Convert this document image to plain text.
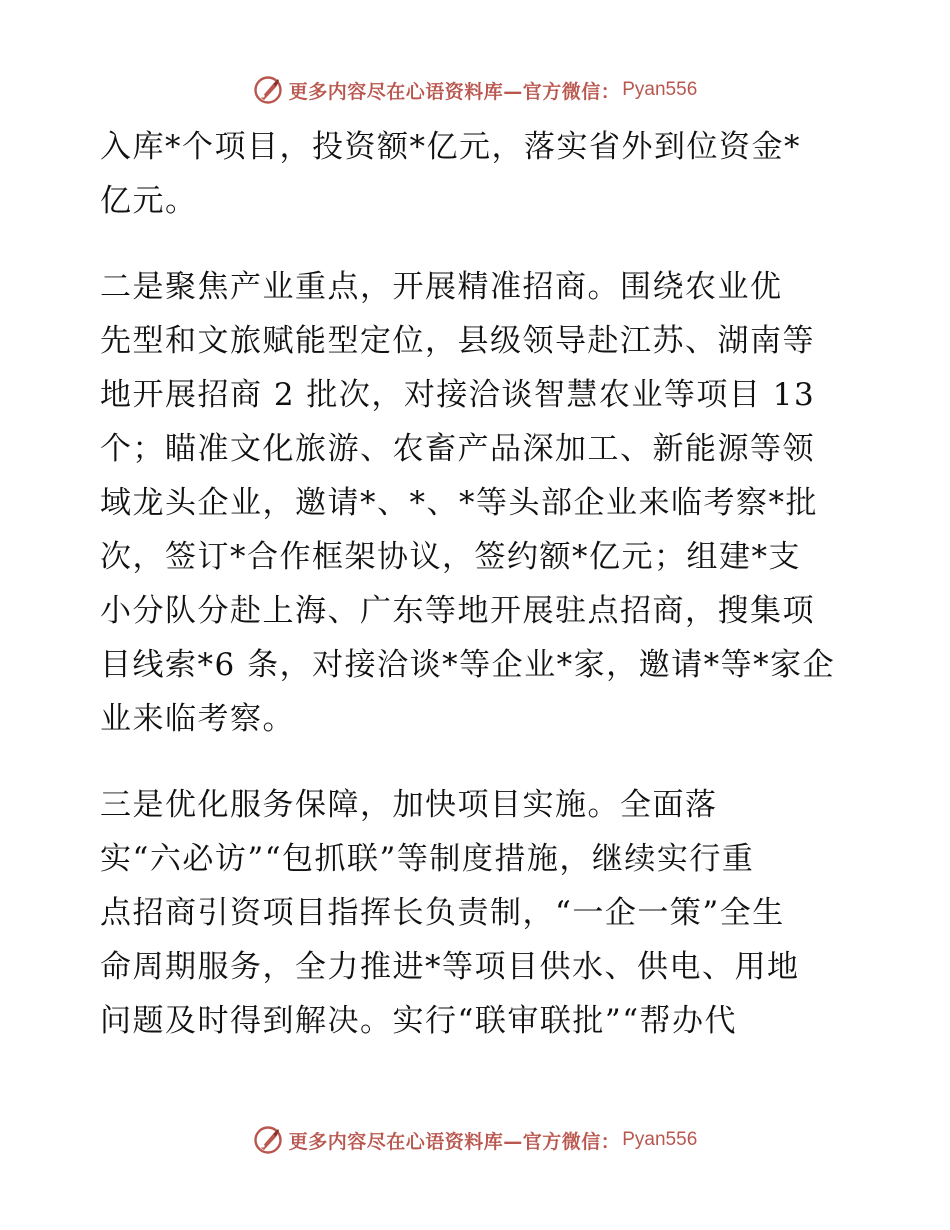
更多内容尽在心语资料库—官方微信： Pyan556
入库*个项目，投资额*亿元，落实省外到位资金*
亿元。
二是聚焦产业重点，开展精准招商。围绕农业优
先型和文旅赋能型定位，县级领导赴江苏、湖南等
地开展招商 2 批次，对接洽谈智慧农业等项目 13
个；瞄准文化旅游、农畜产品深加工、新能源等领
域龙头企业，邀请*、*、*等头部企业来临考察*批
次，签订*合作框架协议，签约额*亿元；组建*支
小分队分赴上海、广东等地开展驻点招商，搜集项
目线索*6 条，对接洽谈*等企业*家，邀请*等*家企
业来临考察。
三是优化服务保障，加快项目实施。全面落
实“六必访”“包抓联”等制度措施，继续实行重
点招商引资项目指挥长负责制，“一企一策”全生
命周期服务，全力推进*等项目供水、供电、用地
问题及时得到解决。实行“联审联批”“帮办代
更多内容尽在心语资料库—官方微信： Pyan556
